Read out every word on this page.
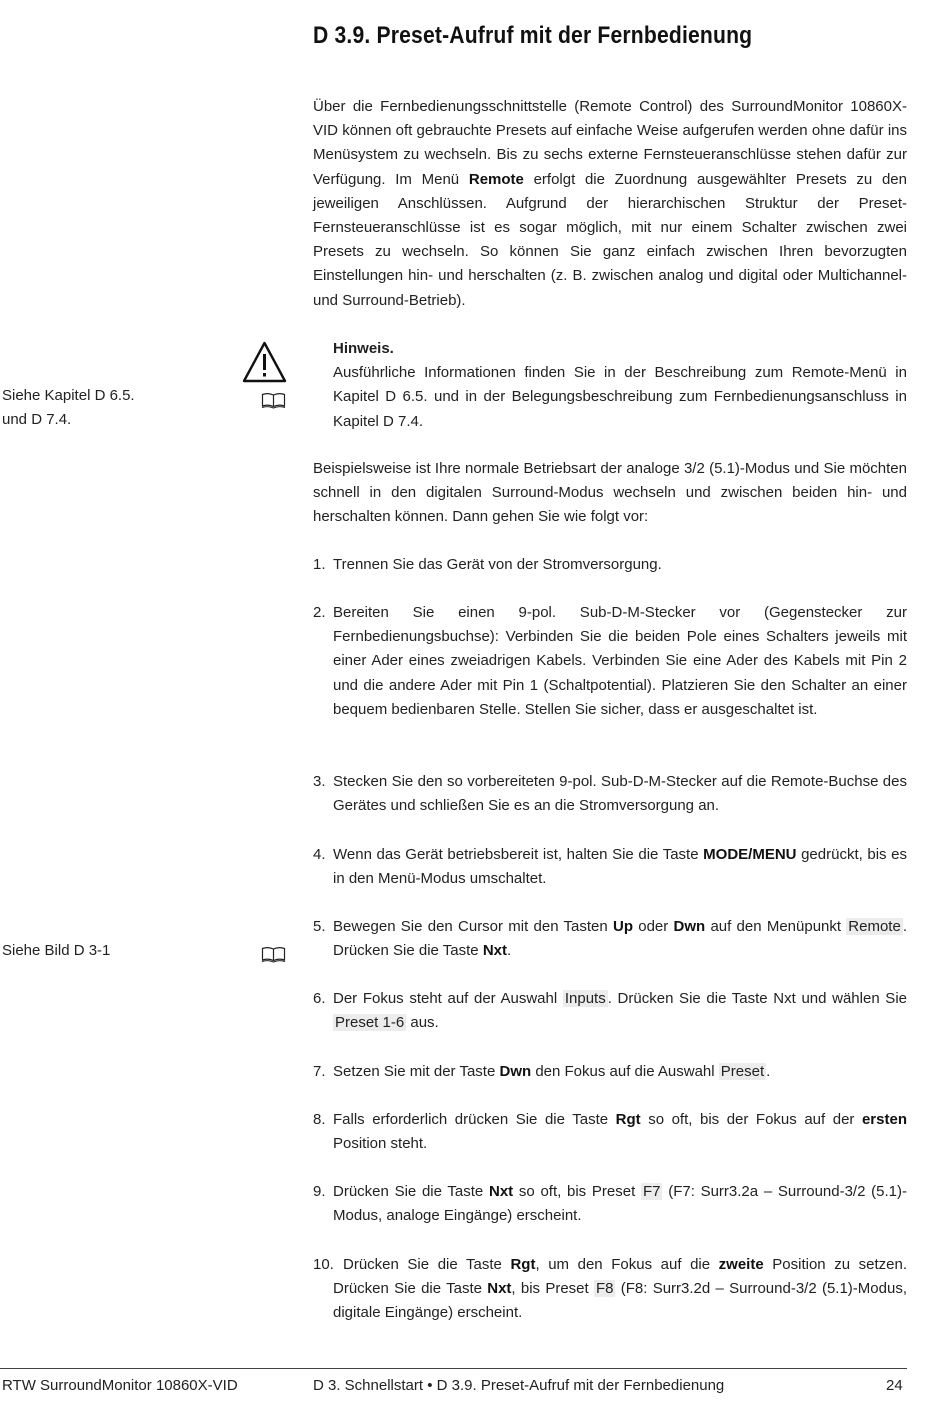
D 3.9. Preset-Aufruf mit der Fernbedienung

Über die Fernbedienungsschnittstelle (Remote Control) des SurroundMonitor 10860X-VID können oft gebrauchte Presets auf einfache Weise aufgerufen werden ohne dafür ins Menüsystem zu wechseln. Bis zu sechs externe Fernsteueranschlüsse stehen dafür zur Verfügung. Im Menü Remote erfolgt die Zuordnung ausgewählter Presets zu den jeweiligen Anschlüssen. Aufgrund der hierarchischen Struktur der Preset-Fernsteueranschlüsse ist es sogar möglich, mit nur einem Schalter zwischen zwei Presets zu wechseln. So können Sie ganz einfach zwischen Ihren bevorzugten Einstellungen hin- und herschalten (z. B. zwischen analog und digital oder Multichannel- und Surround-Betrieb).

Siehe Kapitel D 6.5.
und D 7.4.
Hinweis.
Ausführliche Informationen finden Sie in der Beschreibung zum Remote-Menü in Kapitel D 6.5. und in der Belegungsbeschreibung zum Fernbedienungsanschluss in Kapitel D 7.4.

Beispielsweise ist Ihre normale Betriebsart der analoge 3/2 (5.1)-Modus und Sie möchten schnell in den digitalen Surround-Modus wechseln und zwischen beiden hin- und herschalten können. Dann gehen Sie wie folgt vor:

1. Trennen Sie das Gerät von der Stromversorgung.
2. Bereiten Sie einen 9-pol. Sub-D-M-Stecker vor (Gegenstecker zur Fernbedienungsbuchse): Verbinden Sie die beiden Pole eines Schalters jeweils mit einer Ader eines zweiadrigen Kabels. Verbinden Sie eine Ader des Kabels mit Pin 2 und die andere Ader mit Pin 1 (Schaltpotential). Platzieren Sie den Schalter an einer bequem bedienbaren Stelle. Stellen Sie sicher, dass er ausgeschaltet ist.
3. Stecken Sie den so vorbereiteten 9-pol. Sub-D-M-Stecker auf die Remote-Buchse des Gerätes und schließen Sie es an die Stromversorgung an.
4. Wenn das Gerät betriebsbereit ist, halten Sie die Taste MODE/MENU gedrückt, bis es in den Menü-Modus umschaltet.
Siehe Bild D 3-1
5. Bewegen Sie den Cursor mit den Tasten Up oder Dwn auf den Menüpunkt Remote . Drücken Sie die Taste Nxt.
6. Der Fokus steht auf der Auswahl Inputs . Drücken Sie die Taste Nxt und wählen Sie Preset 1-6 aus.
7. Setzen Sie mit der Taste Dwn den Fokus auf die Auswahl Preset .
8. Falls erforderlich drücken Sie die Taste Rgt so oft, bis der Fokus auf der ersten Position steht.
9. Drücken Sie die Taste Nxt so oft, bis Preset F7 (F7: Surr3.2a – Surround-3/2 (5.1)-Modus, analoge Eingänge) erscheint.
10. Drücken Sie die Taste Rgt, um den Fokus auf die zweite Position zu setzen. Drücken Sie die Taste Nxt, bis Preset F8 (F8: Surr3.2d – Surround-3/2 (5.1)-Modus, digitale Eingänge) erscheint.
RTW SurroundMonitor 10860X-VID	D 3. Schnellstart • D 3.9. Preset-Aufruf mit der Fernbedienung	24
